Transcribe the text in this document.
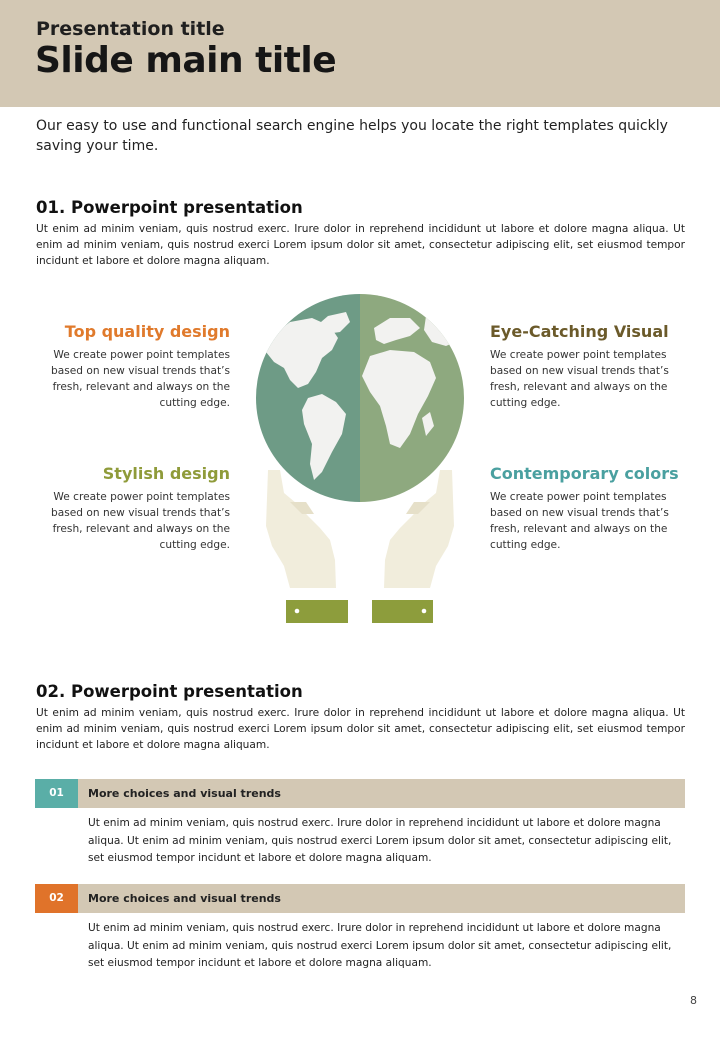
Presentation title
Slide main title
Our easy to use and functional search engine helps you locate the right templates quickly saving your time.
01. Powerpoint presentation
Ut enim ad minim veniam, quis nostrud exerc. Irure dolor in reprehend incididunt ut labore et dolore magna aliqua. Ut enim ad minim veniam, quis nostrud exerci Lorem ipsum dolor sit amet, consectetur adipiscing elit, set eiusmod tempor incidunt et labore et dolore magna aliquam.
Top quality design
We create power point templates based on new visual trends that’s fresh, relevant and always on the cutting edge.
Eye-Catching Visual
We create power point templates based on new visual trends that’s fresh, relevant and always on the cutting edge.
Stylish design
We create power point templates based on new visual trends that’s fresh, relevant and always on the cutting edge.
Contemporary colors
We create power point templates based on new visual trends that’s fresh, relevant and always on the cutting edge.
02. Powerpoint presentation
Ut enim ad minim veniam, quis nostrud exerc. Irure dolor in reprehend incididunt ut labore et dolore magna aliqua. Ut enim ad minim veniam, quis nostrud exerci Lorem ipsum dolor sit amet, consectetur adipiscing elit, set eiusmod tempor incidunt et labore et dolore magna aliquam.
01	More choices and visual trends
Ut enim ad minim veniam, quis nostrud exerc. Irure dolor in reprehend incididunt ut labore et dolore magna aliqua. Ut enim ad minim veniam, quis nostrud exerci Lorem ipsum dolor sit amet, consectetur adipiscing elit, set eiusmod tempor incidunt et labore et dolore magna aliquam.
02	More choices and visual trends
Ut enim ad minim veniam, quis nostrud exerc. Irure dolor in reprehend incididunt ut labore et dolore magna aliqua. Ut enim ad minim veniam, quis nostrud exerci Lorem ipsum dolor sit amet, consectetur adipiscing elit, set eiusmod tempor incidunt et labore et dolore magna aliquam.
8
